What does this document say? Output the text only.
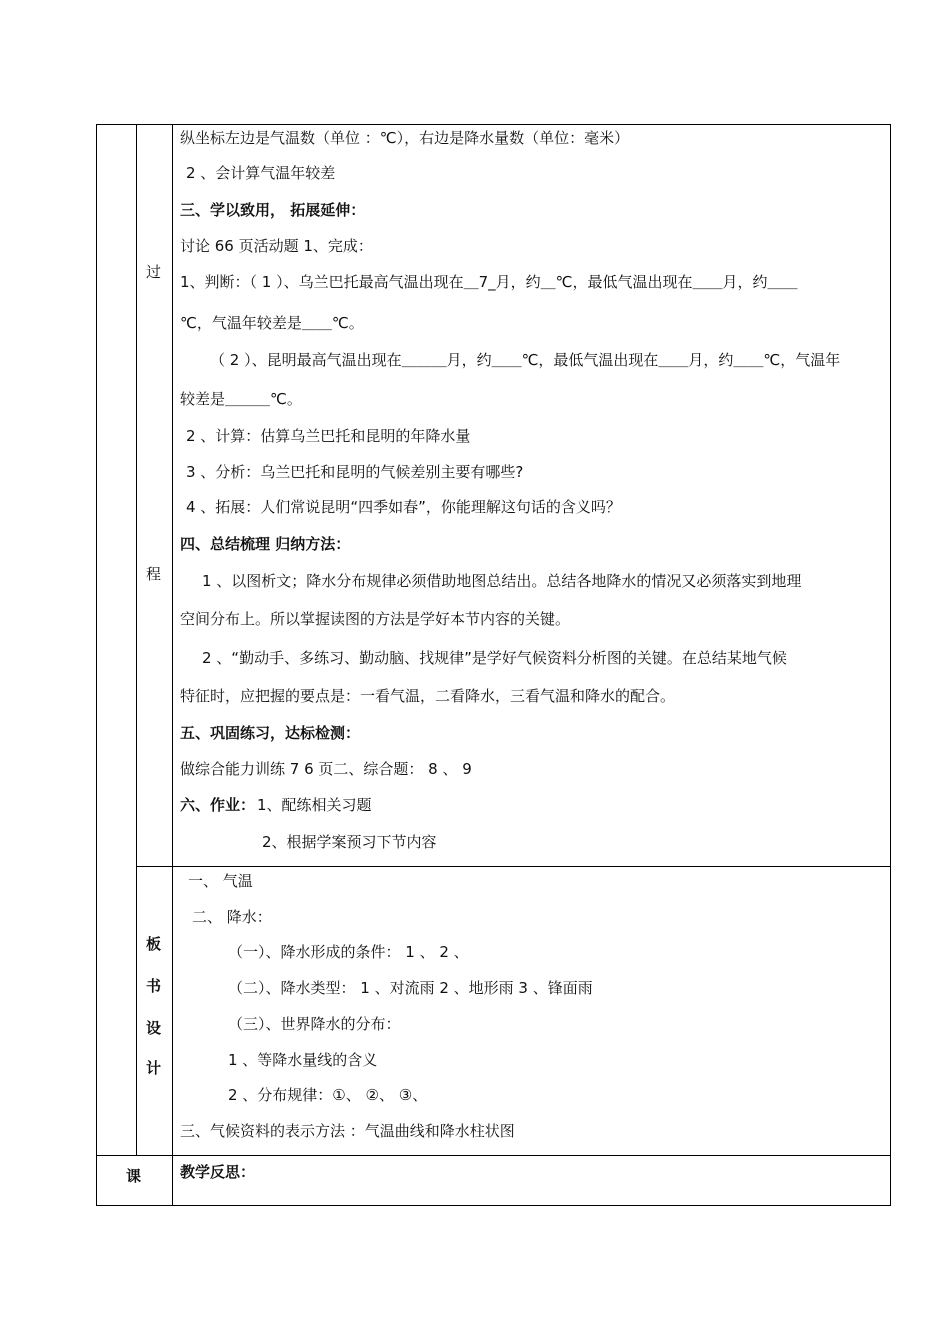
过
程
纵坐标左边是气温数（单位 ：℃），右边是降水量数（单位：毫米）
2 、会计算气温年较差
三、学以致用， 拓展延伸：
讨论 66 页活动题 1、完成：
1、判断：（ 1 ）、乌兰巴托最高气温出现在＿7_月，约＿℃，最低气温出现在＿＿月，约＿＿
℃，气温年较差是＿＿℃。
（ 2 ）、昆明最高气温出现在＿＿＿月，约＿＿℃，最低气温出现在＿＿月，约＿＿℃，气温年
较差是＿＿＿℃。
2 、计算：估算乌兰巴托和昆明的年降水量
3 、分析：乌兰巴托和昆明的气候差别主要有哪些?
4 、拓展：人们常说昆明“四季如春”，你能理解这句话的含义吗？
四、总结梳理 归纳方法：
1 、以图析文；降水分布规律必须借助地图总结出。总结各地降水的情况又必须落实到地理
空间分布上。所以掌握读图的方法是学好本节内容的关键。
2 、“勤动手、多练习、勤动脑、找规律”是学好气候资料分析图的关键。在总结某地气候
特征时，应把握的要点是：一看气温，二看降水，三看气温和降水的配合。
五、巩固练习，达标检测：
做综合能力训练 7 6 页二、综合题： 8 、 9
六、作业： 1、配练相关习题
2、根据学案预习下节内容
板
书
设
计
一、 气温
二、 降水：
（一）、降水形成的条件： 1 、 2 、
（二）、降水类型： 1 、对流雨 2 、地形雨 3 、锋面雨
（三）、世界降水的分布：
1 、等降水量线的含义
2 、分布规律：①、 ②、 ③、
三、气候资料的表示方法 ：气温曲线和降水柱状图
课	教学反思：
